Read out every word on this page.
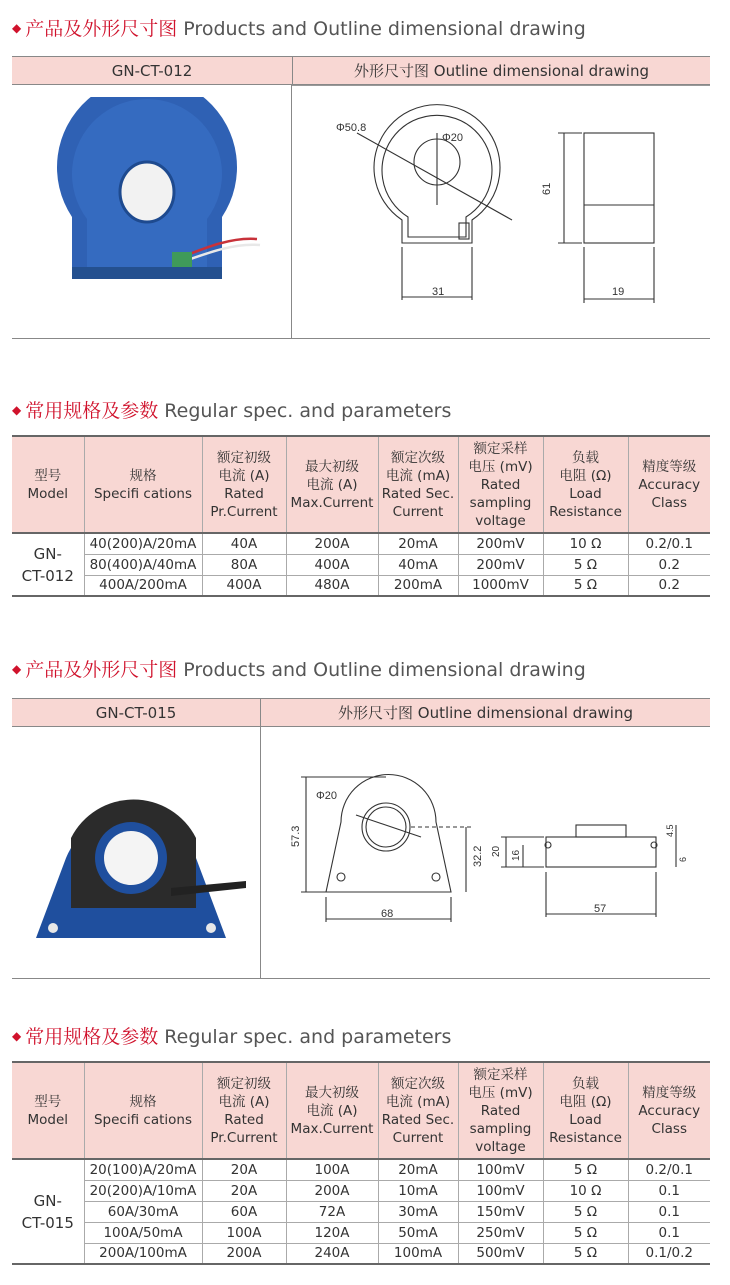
◆ 产品及外形尺寸图 Products and Outline dimensional drawing
GN-CT-012	外形尺寸图 Outline dimensional drawing
Φ50.8
Φ20
31
61
19
◆ 常用规格及参数 Regular spec. and parameters
型号
Model	规格
Specifi cations	额定初级
电流 (A)
Rated
Pr.Current	最大初级
电流 (A)
Max.Current	额定次级
电流 (mA)
Rated Sec.
Current	额定采样
电压 (mV)
Rated
sampling
voltage	负载
电阻 (Ω)
Load
Resistance	精度等级
Accuracy
Class
GN-
CT-012	40(200)A/20mA	40A	200A	20mA	200mV	10 Ω	0.2/0.1
	80(400)A/40mA	80A	400A	40mA	200mV	5 Ω	0.2
	400A/200mA	400A	480A	200mA	1000mV	5 Ω	0.2
◆ 产品及外形尺寸图 Products and Outline dimensional drawing
GN-CT-015	外形尺寸图 Outline dimensional drawing
Φ20
57.3
32.2
68
20 16
57
4.5
6
◆ 常用规格及参数 Regular spec. and parameters
型号
Model	规格
Specifi cations	额定初级
电流 (A)
Rated
Pr.Current	最大初级
电流 (A)
Max.Current	额定次级
电流 (mA)
Rated Sec.
Current	额定采样
电压 (mV)
Rated
sampling
voltage	负载
电阻 (Ω)
Load
Resistance	精度等级
Accuracy
Class
GN-
CT-015	20(100)A/20mA	20A	100A	20mA	100mV	5 Ω	0.2/0.1
	20(200)A/10mA	20A	200A	10mA	100mV	10 Ω	0.1
	60A/30mA	60A	72A	30mA	150mV	5 Ω	0.1
	100A/50mA	100A	120A	50mA	250mV	5 Ω	0.1
	200A/100mA	200A	240A	100mA	500mV	5 Ω	0.1/0.2
